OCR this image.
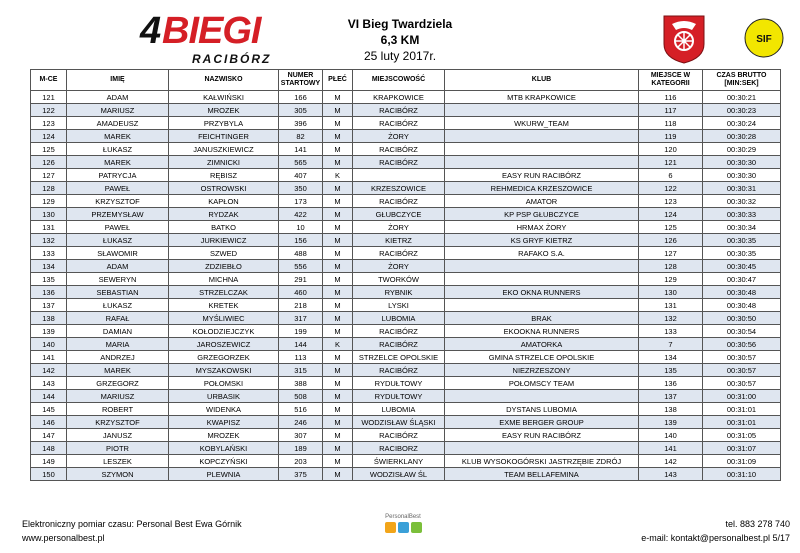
4 BIEGI
RACIBÓRZ
VI Bieg Twardziela
6,3 KM
25 luty 2017r.
SIF
M-CE	IMIĘ	NAZWISKO	NUMER STARTOWY	PŁEĆ	MIEJSCOWOŚĆ	KLUB	MIEJSCE W KATEGORII	CZAS BRUTTO [MIN:SEK]
121	ADAM	KAŁWIŃSKI	166	M	KRAPKOWICE	MTB KRAPKOWICE	116	00:30:21
122	MARIUSZ	MROZEK	305	M	RACIBÓRZ		117	00:30:23
123	AMADEUSZ	PRZYBYLA	396	M	RACIBÓRZ	WKURW_TEAM	118	00:30:24
124	MAREK	FEICHTINGER	82	M	ŻORY		119	00:30:28
125	ŁUKASZ	JANUSZKIEWICZ	141	M	RACIBÓRZ		120	00:30:29
126	MAREK	ZIMNICKI	565	M	RACIBÓRZ		121	00:30:30
127	PATRYCJA	RĘBISZ	407	K		EASY RUN RACIBÓRZ	6	00:30:30
128	PAWEŁ	OSTROWSKI	350	M	KRZESZOWICE	REHMEDICA KRZESZOWICE	122	00:30:31
129	KRZYSZTOF	KAPŁON	173	M	RACIBÓRZ	AMATOR	123	00:30:32
130	PRZEMYSŁAW	RYDZAK	422	M	GŁUBCZYCE	KP PSP GŁUBCZYCE	124	00:30:33
131	PAWEŁ	BATKO	10	M	ŻORY	HRMAX ŻORY	125	00:30:34
132	ŁUKASZ	JURKIEWICZ	156	M	KIETRZ	KS GRYF KIETRZ	126	00:30:35
133	SŁAWOMIR	SZWED	488	M	RACIBÓRZ	RAFAKO S.A.	127	00:30:35
134	ADAM	ZDZIEBŁO	556	M	ŻORY		128	00:30:45
135	SEWERYN	MICHNA	291	M	TWORKÓW		129	00:30:47
136	SEBASTIAN	STRZELCZAK	460	M	RYBNIK	EKO OKNA RUNNERS	130	00:30:48
137	ŁUKASZ	KRETEK	218	M	LYSKI		131	00:30:48
138	RAFAŁ	MYŚLIWIEC	317	M	LUBOMIA	BRAK	132	00:30:50
139	DAMIAN	KOŁODZIEJCZYK	199	M	RACIBÓRZ	EKOOKNA RUNNERS	133	00:30:54
140	MARIA	JAROSZEWICZ	144	K	RACIBÓRZ	AMATORKA	7	00:30:56
141	ANDRZEJ	GRZEGORZEK	113	M	STRZELCE OPOLSKIE	GMINA STRZELCE OPOLSKIE	134	00:30:57
142	MAREK	MYSZAKOWSKI	315	M	RACIBÓRZ	NIEZRZESZONY	135	00:30:57
143	GRZEGORZ	POŁOMSKI	388	M	RYDUŁTOWY	POŁOMSCY TEAM	136	00:30:57
144	MARIUSZ	URBASIK	508	M	RYDUŁTOWY		137	00:31:00
145	ROBERT	WIDENKA	516	M	LUBOMIA	DYSTANS LUBOMIA	138	00:31:01
146	KRZYSZTOF	KWAPISZ	246	M	WODZISŁAW ŚLĄSKI	EXME BERGER GROUP	139	00:31:01
147	JANUSZ	MROZEK	307	M	RACIBÓRZ	EASY RUN RACIBÓRZ	140	00:31:05
148	PIOTR	KOBYLAŃSKI	189	M	RACIBORZ		141	00:31:07
149	LESZEK	KOPCZYŃSKI	203	M	ŚWIERKLANY	KLUB WYSOKOGÓRSKI JASTRZĘBIE ZDRÓJ	142	00:31:09
150	SZYMON	PLEWNIA	375	M	WODZISŁAW ŚL	TEAM BELLAFEMINA	143	00:31:10
Elektroniczny pomiar czasu: Personal Best Ewa Górnik
www.personalbest.pl
PersonalBest
tel. 883 278 740
e-mail: kontakt@personalbest.pl 5/17
